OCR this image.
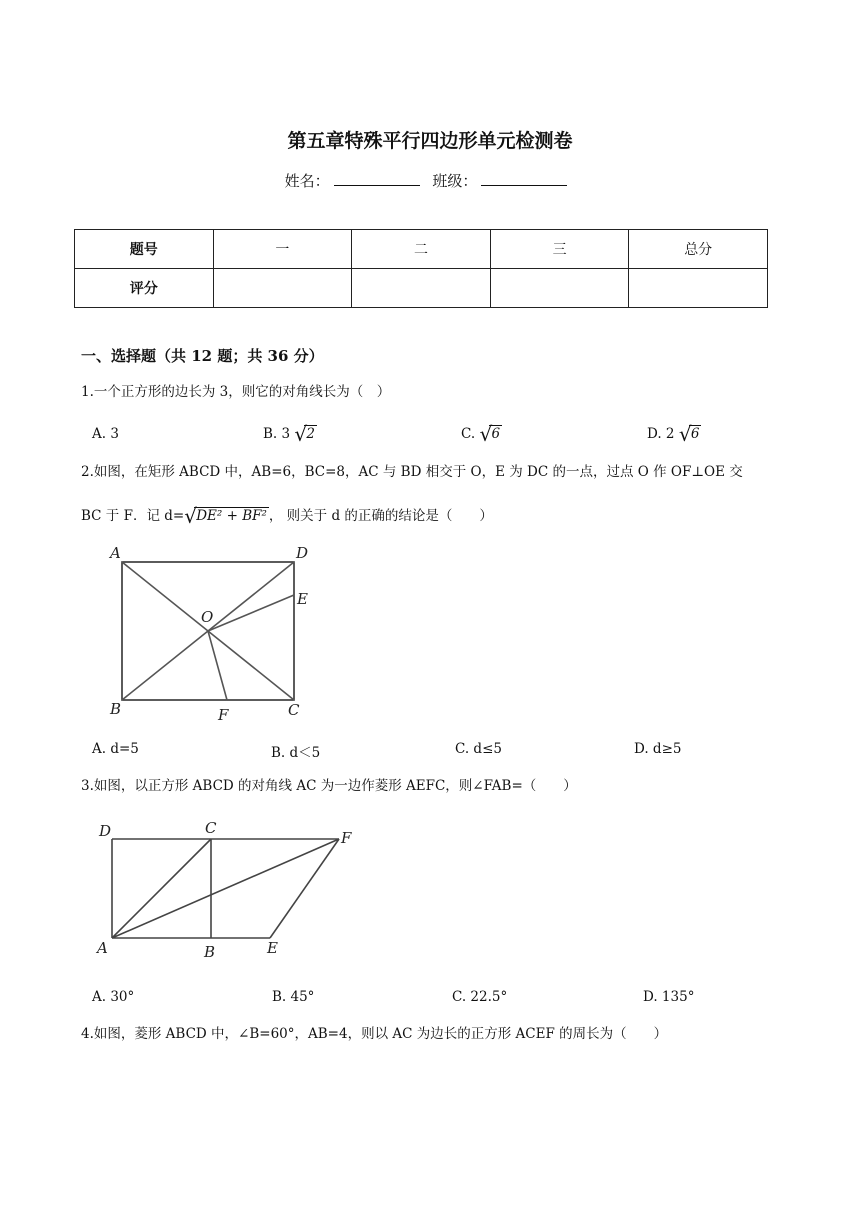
第五章特殊平行四边形单元检测卷
姓名：	班级：
题号	一	二	三	总分
评分				
一、选择题（共 12 题；共 36 分）
1.一个正方形的边长为 3，则它的对角线长为（　）
A. 3	B. 3 √ 2	C. √ 6	D. 2 √ 6
2.如图，在矩形 ABCD 中，AB=6，BC=8，AC 与 BD 相交于 O，E 为 DC 的一点，过点 O 作 OF⊥OE 交
BC 于 F．记 d= √ DE² + BF² ， 则关于 d 的正确的结论是（　　）
A	D
E
O
B	F	C
A. d=5	B. d＜5	C. d≤5	D. d≥5
3.如图，以正方形 ABCD 的对角线 AC 为一边作菱形 AEFC，则∠FAB=（　　）
D	C
F
A	B	E
A. 30°	B. 45°	C. 22.5°	D. 135°
4.如图，菱形 ABCD 中，∠B=60°，AB=4，则以 AC 为边长的正方形 ACEF 的周长为（　　）
